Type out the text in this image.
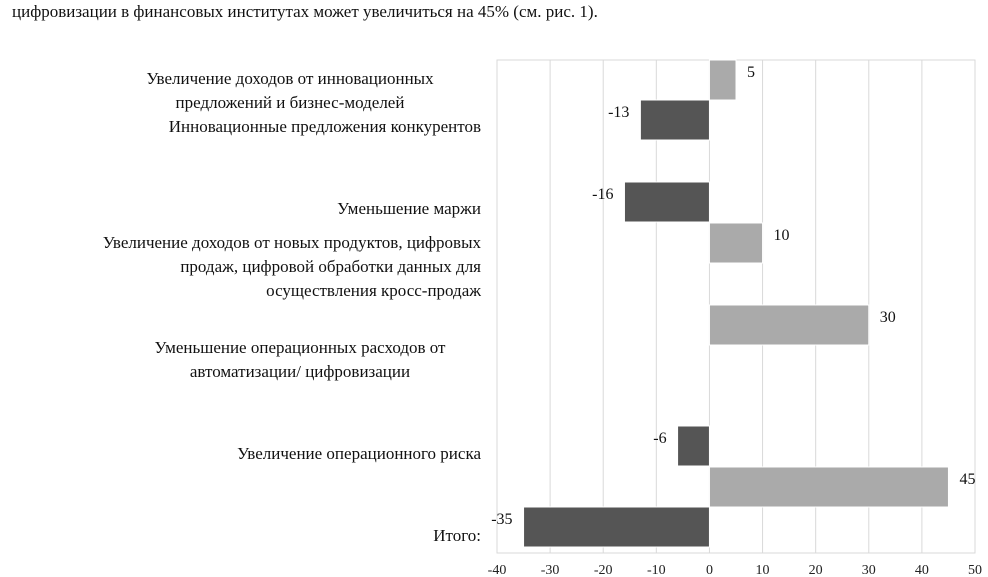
цифровизации в финансовых институтах может увеличиться на 45% (см. рис. 1).
-40 -30 -20 -10	0	10	20	30	40	50
5
-13
-16
10
30
-6
45
-35
Увеличение доходов от инновационных предложений и бизнес-моделей
Инновационные предложения конкурентов
Уменьшение маржи
Увеличение доходов от новых продуктов, цифровых продаж, цифровой обработки данных для осуществления кросс-продаж
Уменьшение операционных расходов от автоматизации/ цифровизации
Увеличение операционного риска
Итого:
